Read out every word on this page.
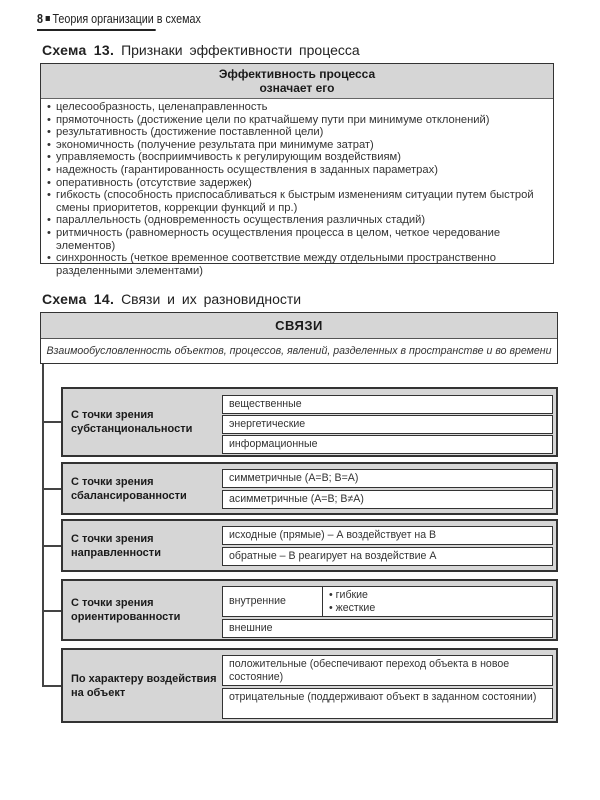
8 Теория организации в схемах
Схема 13. Признаки эффективности процесса
Эффективность процесса
означает его
• целесообразность, целенаправленность
• прямоточность (достижение цели по кратчайшему пути при минимуме отклонений)
• результативность (достижение поставленной цели)
• экономичность (получение результата при минимуме затрат)
• управляемость (восприимчивость к регулирующим воздействиям)
• надежность (гарантированность осуществления в заданных параметрах)
• оперативность (отсутствие задержек)
• гибкость (способность приспосабливаться к быстрым изменениям ситуации путем быстрой смены приоритетов, коррекции функций и пр.)
• параллельность (одновременность осуществления различных стадий)
• ритмичность (равномерность осуществления процесса в целом, четкое чередование элементов)
• синхронность (четкое временное соответствие между отдельными пространственно разделенными элементами)
Схема 14. Связи и их разновидности
СВЯЗИ
Взаимообусловленность объектов, процессов, явлений, разделенных в пространстве и во времени
С точки зрения субстанциональности
вещественные
энергетические
информационные
С точки зрения сбалансированности
симметричные (А=В; В=А)
асимметричные (А=В; В≠А)
С точки зрения направленности
исходные (прямые) – А воздействует на В
обратные – В реагирует на воздействие А
С точки зрения ориентированности
внутренние
• гибкие
• жесткие
внешние
По характеру воздействия на объект
положительные (обеспечивают переход объекта в новое состояние)
отрицательные (поддерживают объект в заданном состоянии)
